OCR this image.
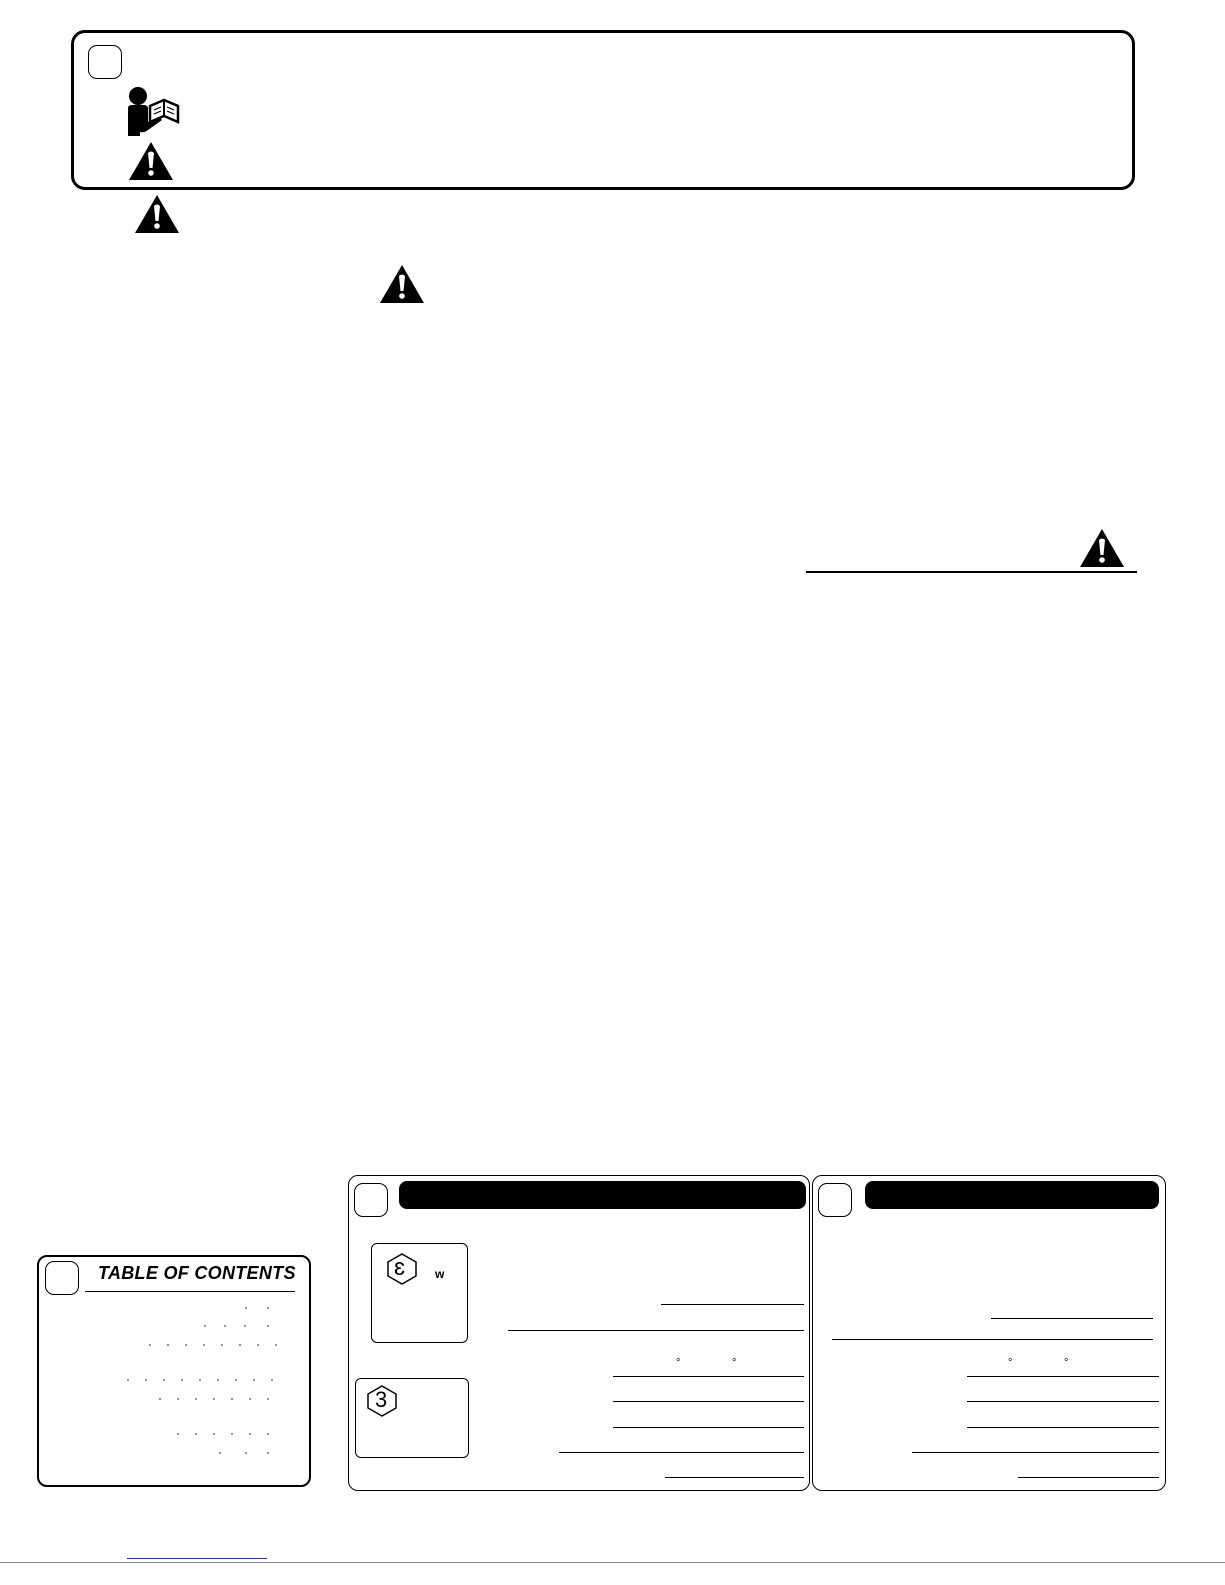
TABLE OF CONTENTS	ɛ w
3
°	°	°	°
